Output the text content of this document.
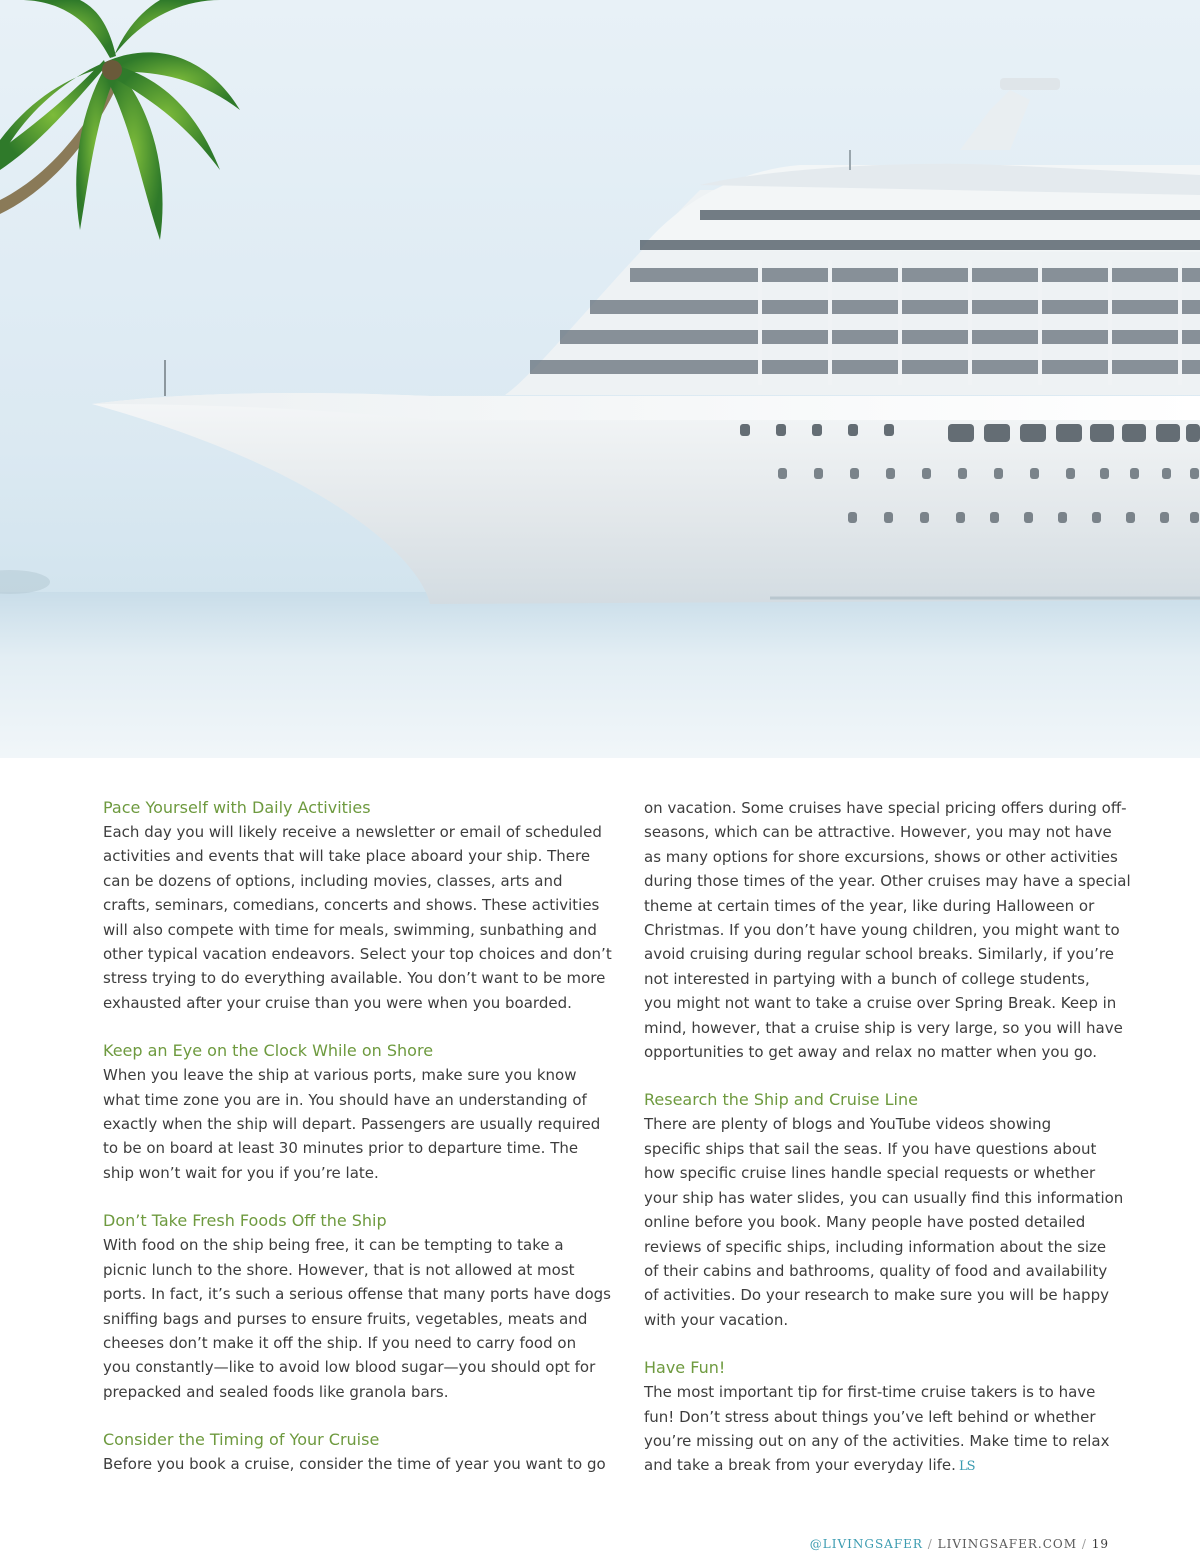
Pace Yourself with Daily Activities

Each day you will likely receive a newsletter or email of scheduled
activities and events that will take place aboard your ship. There
can be dozens of options, including movies, classes, arts and
crafts, seminars, comedians, concerts and shows. These activities
will also compete with time for meals, swimming, sunbathing and
other typical vacation endeavors. Select your top choices and don’t
stress trying to do everything available. You don’t want to be more
exhausted after your cruise than you were when you boarded.

Keep an Eye on the Clock While on Shore

When you leave the ship at various ports, make sure you know
what time zone you are in. You should have an understanding of
exactly when the ship will depart. Passengers are usually required
to be on board at least 30 minutes prior to departure time. The
ship won’t wait for you if you’re late.

Don’t Take Fresh Foods Off the Ship

With food on the ship being free, it can be tempting to take a
picnic lunch to the shore. However, that is not allowed at most
ports. In fact, it’s such a serious offense that many ports have dogs
sniffing bags and purses to ensure fruits, vegetables, meats and
cheeses don’t make it off the ship. If you need to carry food on
you constantly—like to avoid low blood sugar—you should opt for
prepacked and sealed foods like granola bars.

Consider the Timing of Your Cruise

Before you book a cruise, consider the time of year you want to go

on vacation. Some cruises have special pricing offers during off-
seasons, which can be attractive. However, you may not have
as many options for shore excursions, shows or other activities
during those times of the year. Other cruises may have a special
theme at certain times of the year, like during Halloween or
Christmas. If you don’t have young children, you might want to
avoid cruising during regular school breaks. Similarly, if you’re
not interested in partying with a bunch of college students,
you might not want to take a cruise over Spring Break. Keep in
mind, however, that a cruise ship is very large, so you will have
opportunities to get away and relax no matter when you go.

Research the Ship and Cruise Line

There are plenty of blogs and YouTube videos showing
specific ships that sail the seas. If you have questions about
how specific cruise lines handle special requests or whether
your ship has water slides, you can usually find this information
online before you book. Many people have posted detailed
reviews of specific ships, including information about the size
of their cabins and bathrooms, quality of food and availability
of activities. Do your research to make sure you will be happy
with your vacation.

Have Fun!

The most important tip for first-time cruise takers is to have
fun! Don’t stress about things you’ve left behind or whether
you’re missing out on any of the activities. Make time to relax
and take a break from your everyday life. LS

@LIVINGSAFER / LIVINGSAFER.COM / 19
